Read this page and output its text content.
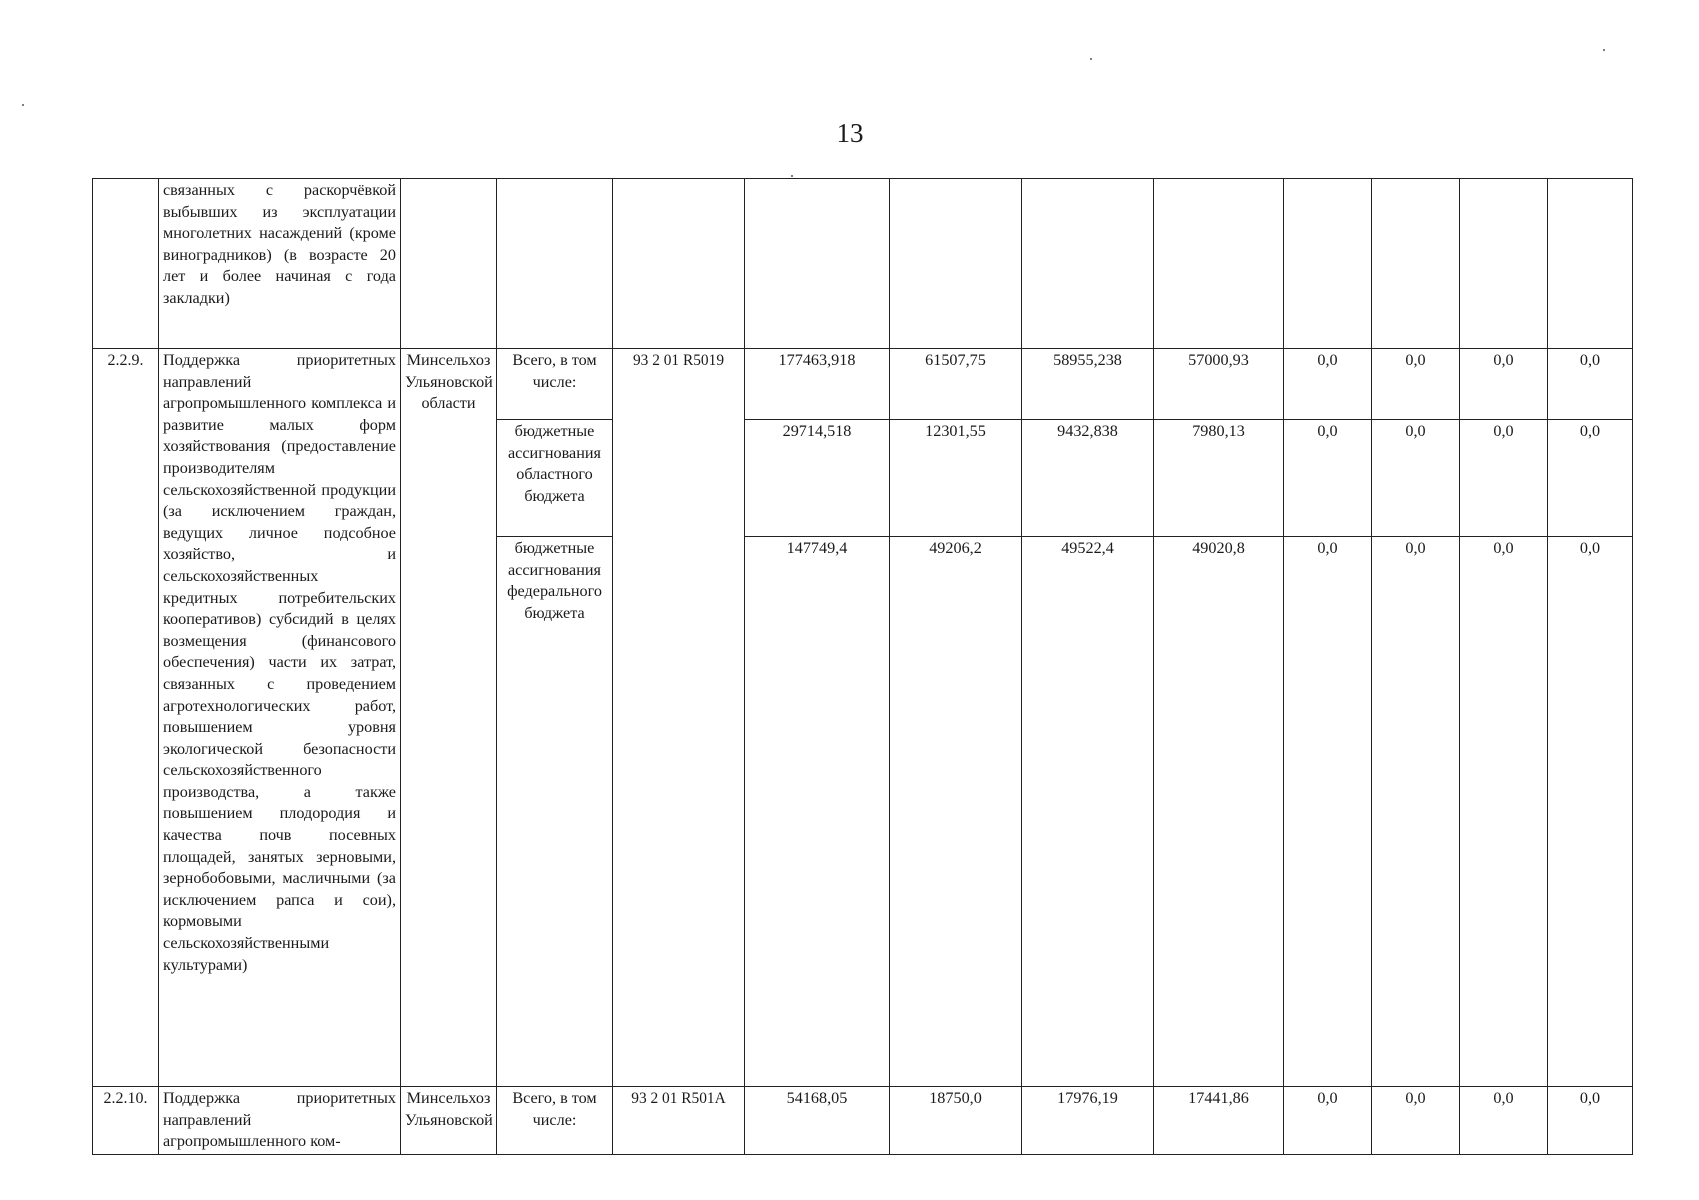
13
	связанных с раскорчёвкой выбывших из эксплуатации многолетних насаждений (кроме виноградников) (в возрасте 20 лет и более начиная с года закладки)											
2.2.9.	Поддержка приоритетных направлений агропромышленного комплекса и развитие малых форм хозяйствования (предоставление производителям сельскохозяйственной продукции (за исключением граждан, ведущих личное подсобное хозяйство, и сельскохозяйственных кредитных потребительских кооперативов) субсидий в целях возмещения (финансового обеспечения) части их затрат, связанных с проведением агротехнологических работ, повышением уровня экологической безопасности сельскохозяйственного производства, а также повышением плодородия и качества почв посевных площадей, занятых зерновыми, зернобобовыми, масличными (за исключением рапса и сои), кормовыми сельскохозяйственными культурами)	Минсельхоз Ульяновской области	Всего, в том числе:	93 2 01 R5019	177463,918	61507,75	58955,238	57000,93	0,0	0,0	0,0	0,0
			бюджетные ассигнования областного бюджета		29714,518	12301,55	9432,838	7980,13	0,0	0,0	0,0	0,0
			бюджетные ассигнования федерального бюджета		147749,4	49206,2	49522,4	49020,8	0,0	0,0	0,0	0,0
2.2.10.	Поддержка приоритетных направлений агропромышленного ком-	Минсельхоз Ульяновской	Всего, в том числе:	93 2 01 R501A	54168,05	18750,0	17976,19	17441,86	0,0	0,0	0,0	0,0
